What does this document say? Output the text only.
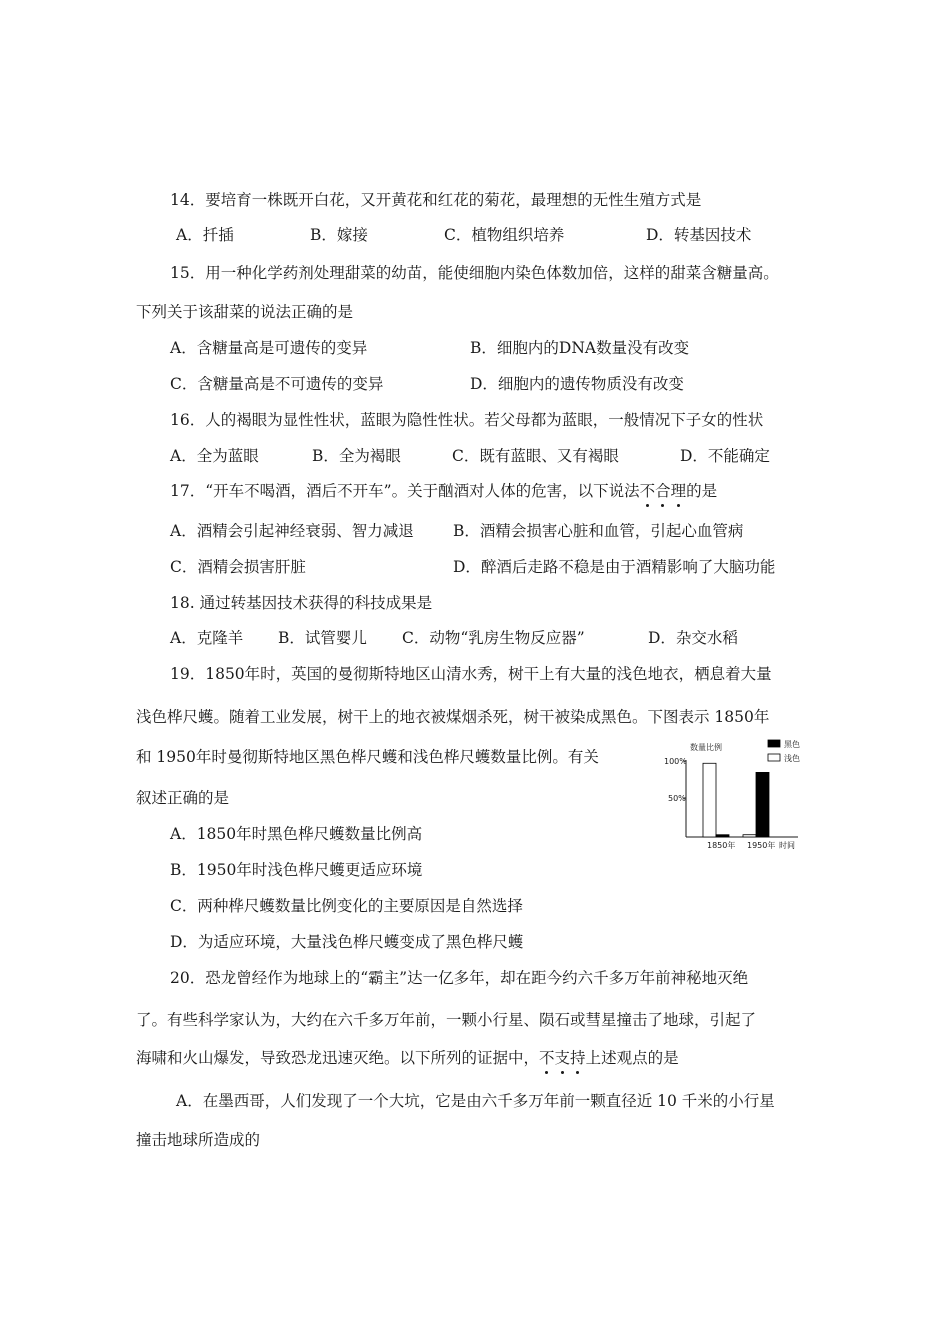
14．要培育一株既开白花，又开黄花和红花的菊花，最理想的无性生殖方式是
A．扦插	B．嫁接	C．植物组织培养	D．转基因技术
15．用一种化学药剂处理甜菜的幼苗，能使细胞内染色体数加倍，这样的甜菜含糖量高。
下列关于该甜菜的说法正确的是
A．含糖量高是可遗传的变异	B．细胞内的DNA数量没有改变
C．含糖量高是不可遗传的变异	D．细胞内的遗传物质没有改变
16．人的褐眼为显性性状，蓝眼为隐性性状。若父母都为蓝眼，一般情况下子女的性状
A．全为蓝眼	B．全为褐眼	C．既有蓝眼、又有褐眼	D．不能确定
17．“开车不喝酒，酒后不开车”。关于酗酒对人体的危害，以下说法不合理的是
A．酒精会引起神经衰弱、智力减退	B．酒精会损害心脏和血管，引起心血管病
C．酒精会损害肝脏	D．醉酒后走路不稳是由于酒精影响了大脑功能
18. 通过转基因技术获得的科技成果是
A．克隆羊 B．试管婴儿 C．动物“乳房生物反应器”	D．杂交水稻
19．1850年时，英国的曼彻斯特地区山清水秀，树干上有大量的浅色地衣，栖息着大量
浅色桦尺蠖。随着工业发展，树干上的地衣被煤烟杀死，树干被染成黑色。下图表示 1850年
和 1950年时曼彻斯特地区黑色桦尺蠖和浅色桦尺蠖数量比例。有关
叙述正确的是
A．1850年时黑色桦尺蠖数量比例高
B．1950年时浅色桦尺蠖更适应环境
C．两种桦尺蠖数量比例变化的主要原因是自然选择
D．为适应环境，大量浅色桦尺蠖变成了黑色桦尺蠖
数量比例
100%
50%
1850年 1950年 时间
黑色
浅色
20．恐龙曾经作为地球上的“霸主”达一亿多年，却在距今约六千多万年前神秘地灭绝
了。有些科学家认为，大约在六千多万年前，一颗小行星、陨石或彗星撞击了地球，引起了
海啸和火山爆发，导致恐龙迅速灭绝。以下所列的证据中，不支持上述观点的是
A．在墨西哥，人们发现了一个大坑，它是由六千多万年前一颗直径近 10 千米的小行星
撞击地球所造成的
